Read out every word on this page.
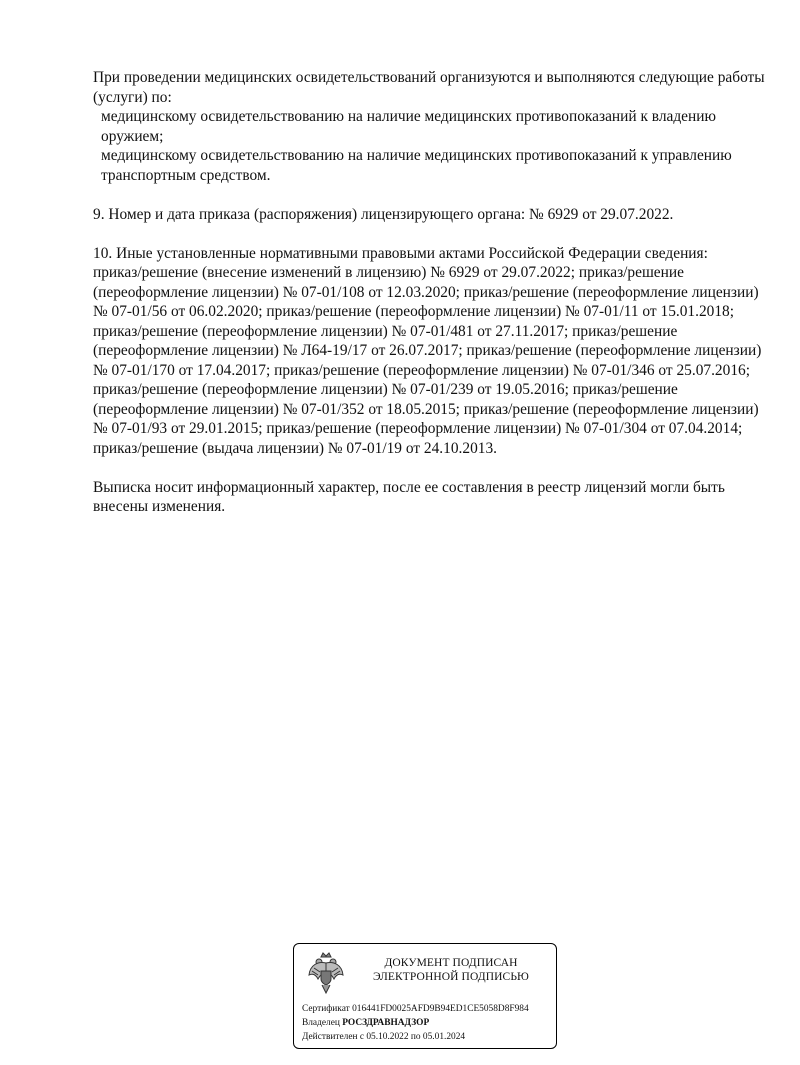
При проведении медицинских освидетельствований организуются и выполняются следующие работы (услуги) по:

медицинскому освидетельствованию на наличие медицинских противопоказаний к владению оружием;

медицинскому освидетельствованию на наличие медицинских противопоказаний к управлению транспортным средством.

9. Номер и дата приказа (распоряжения) лицензирующего органа: № 6929 от 29.07.2022.

10. Иные установленные нормативными правовыми актами Российской Федерации сведения:

приказ/решение (внесение изменений в лицензию) № 6929 от 29.07.2022; приказ/решение (переоформление лицензии) № 07-01/108 от 12.03.2020; приказ/решение (переоформление лицензии) № 07-01/56 от 06.02.2020; приказ/решение (переоформление лицензии) № 07-01/11 от 15.01.2018; приказ/решение (переоформление лицензии) № 07-01/481 от 27.11.2017; приказ/решение (переоформление лицензии) № Л64-19/17 от 26.07.2017; приказ/решение (переоформление лицензии) № 07-01/170 от 17.04.2017; приказ/решение (переоформление лицензии) № 07-01/346 от 25.07.2016; приказ/решение (переоформление лицензии) № 07-01/239 от 19.05.2016; приказ/решение (переоформление лицензии) № 07-01/352 от 18.05.2015; приказ/решение (переоформление лицензии) № 07-01/93 от 29.01.2015; приказ/решение (переоформление лицензии) № 07-01/304 от 07.04.2014; приказ/решение (выдача лицензии) № 07-01/19 от 24.10.2013.

Выписка носит информационный характер, после ее составления в реестр лицензий могли быть внесены изменения.

ДОКУМЕНТ ПОДПИСАН
ЭЛЕКТРОННОЙ ПОДПИСЬЮ
Сертификат 016441FD0025AFD9B94ED1CE5058D8F984
Владелец РОСЗДРАВНАДЗОР
Действителен с 05.10.2022 по 05.01.2024
